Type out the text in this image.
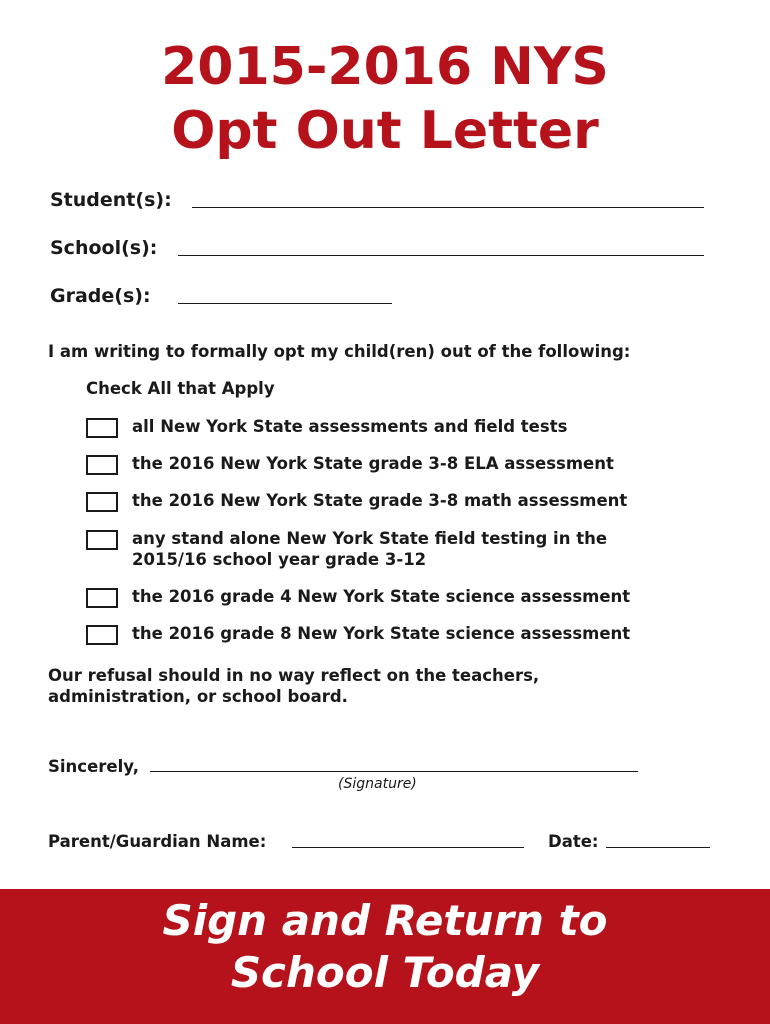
2015-2016 NYS
Opt Out Letter
Student(s):
School(s):
Grade(s):
I am writing to formally opt my child(ren) out of the following:
Check All that Apply
all New York State assessments and field tests
the 2016 New York State grade 3-8 ELA assessment
the 2016 New York State grade 3-8 math assessment
any stand alone New York State field testing in the
2015/16 school year grade 3-12
the 2016 grade 4 New York State science assessment
the 2016 grade 8 New York State science assessment
Our refusal should in no way reflect on the teachers,
administration, or school board.
Sincerely,
(Signature)
Parent/Guardian Name:	Date:
Sign and Return to
School Today
